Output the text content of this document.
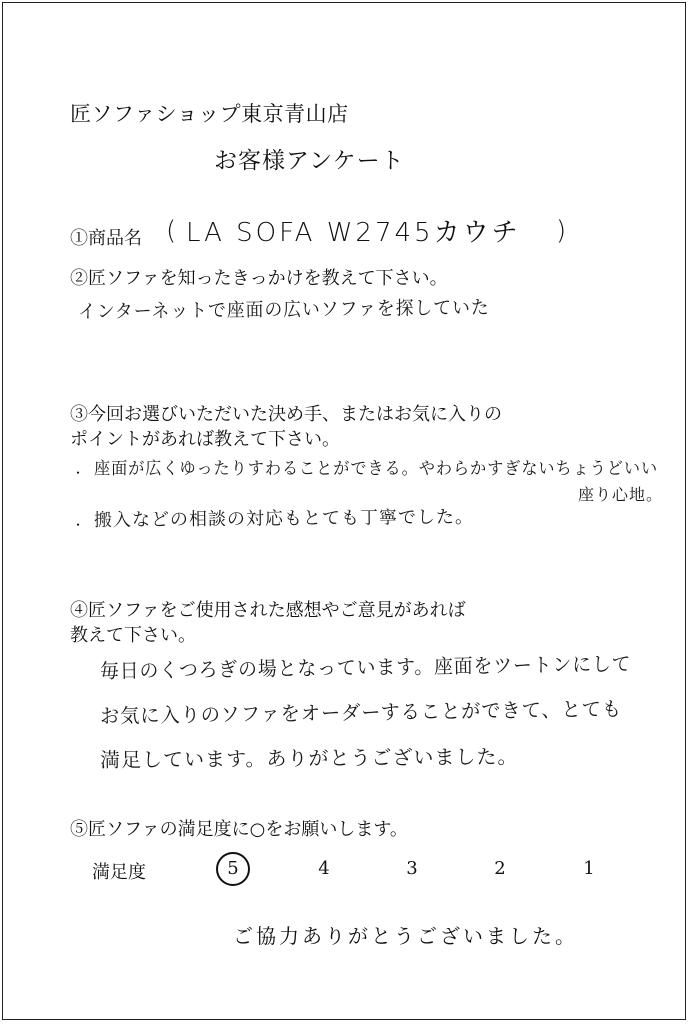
匠ソファショップ東京青山店
お客様アンケート
①商品名 ( LA SOFA W2745カウチ )
②匠ソファを知ったきっかけを教えて下さい。
インターネットで座面の広いソファを探していた
③今回お選びいただいた決め手、またはお気に入りの
ポイントがあれば教えて下さい。
・ 座面が広くゆったりすわることができる。やわらかすぎないちょうどいい
座り心地。
・ 搬入などの相談の対応もとても丁寧でした。
④匠ソファをご使用された感想やご意見があれば
教えて下さい。
毎日のくつろぎの場となっています。座面をツートンにして
お気に入りのソファをオーダーすることができて、とても
満足しています。ありがとうございました。
⑤匠ソファの満足度に○をお願いします。
満足度	5	4	3	2	1
ご協力ありがとうございました。
